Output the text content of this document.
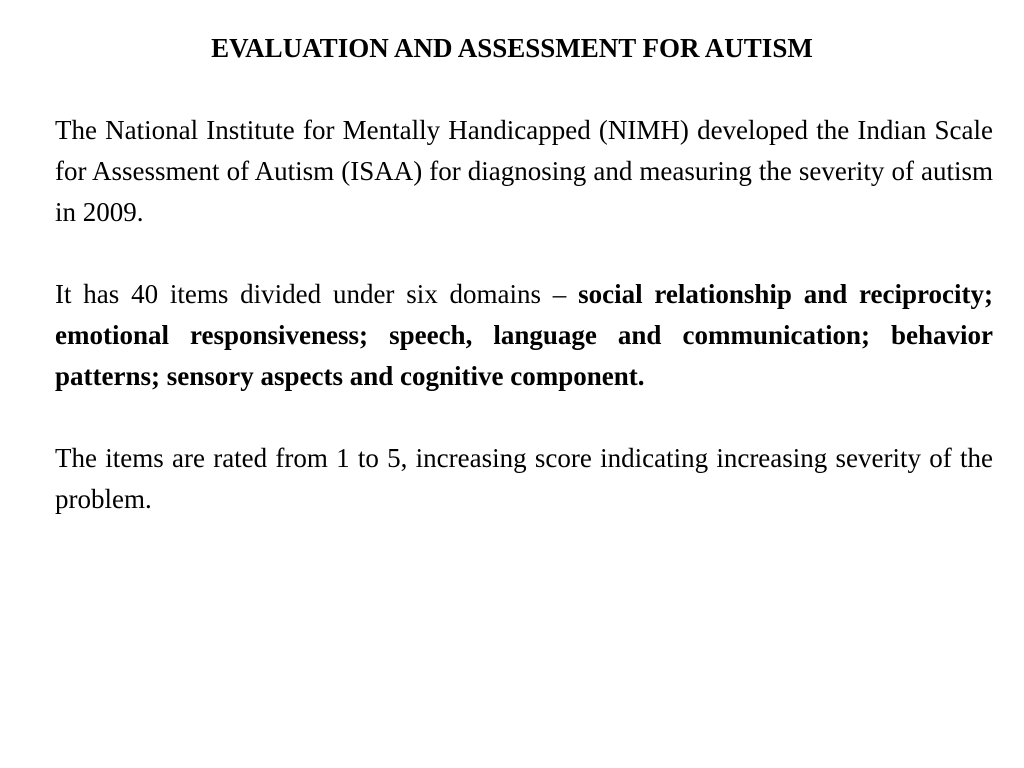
EVALUATION AND ASSESSMENT FOR AUTISM

The National Institute for Mentally Handicapped (NIMH) developed the Indian Scale for Assessment of Autism (ISAA) for diagnosing and measuring the severity of autism in 2009.

It has 40 items divided under six domains – social relationship and reciprocity; emotional responsiveness; speech, language and communication; behavior patterns; sensory aspects and cognitive component.

The items are rated from 1 to 5, increasing score indicating increasing severity of the problem.
